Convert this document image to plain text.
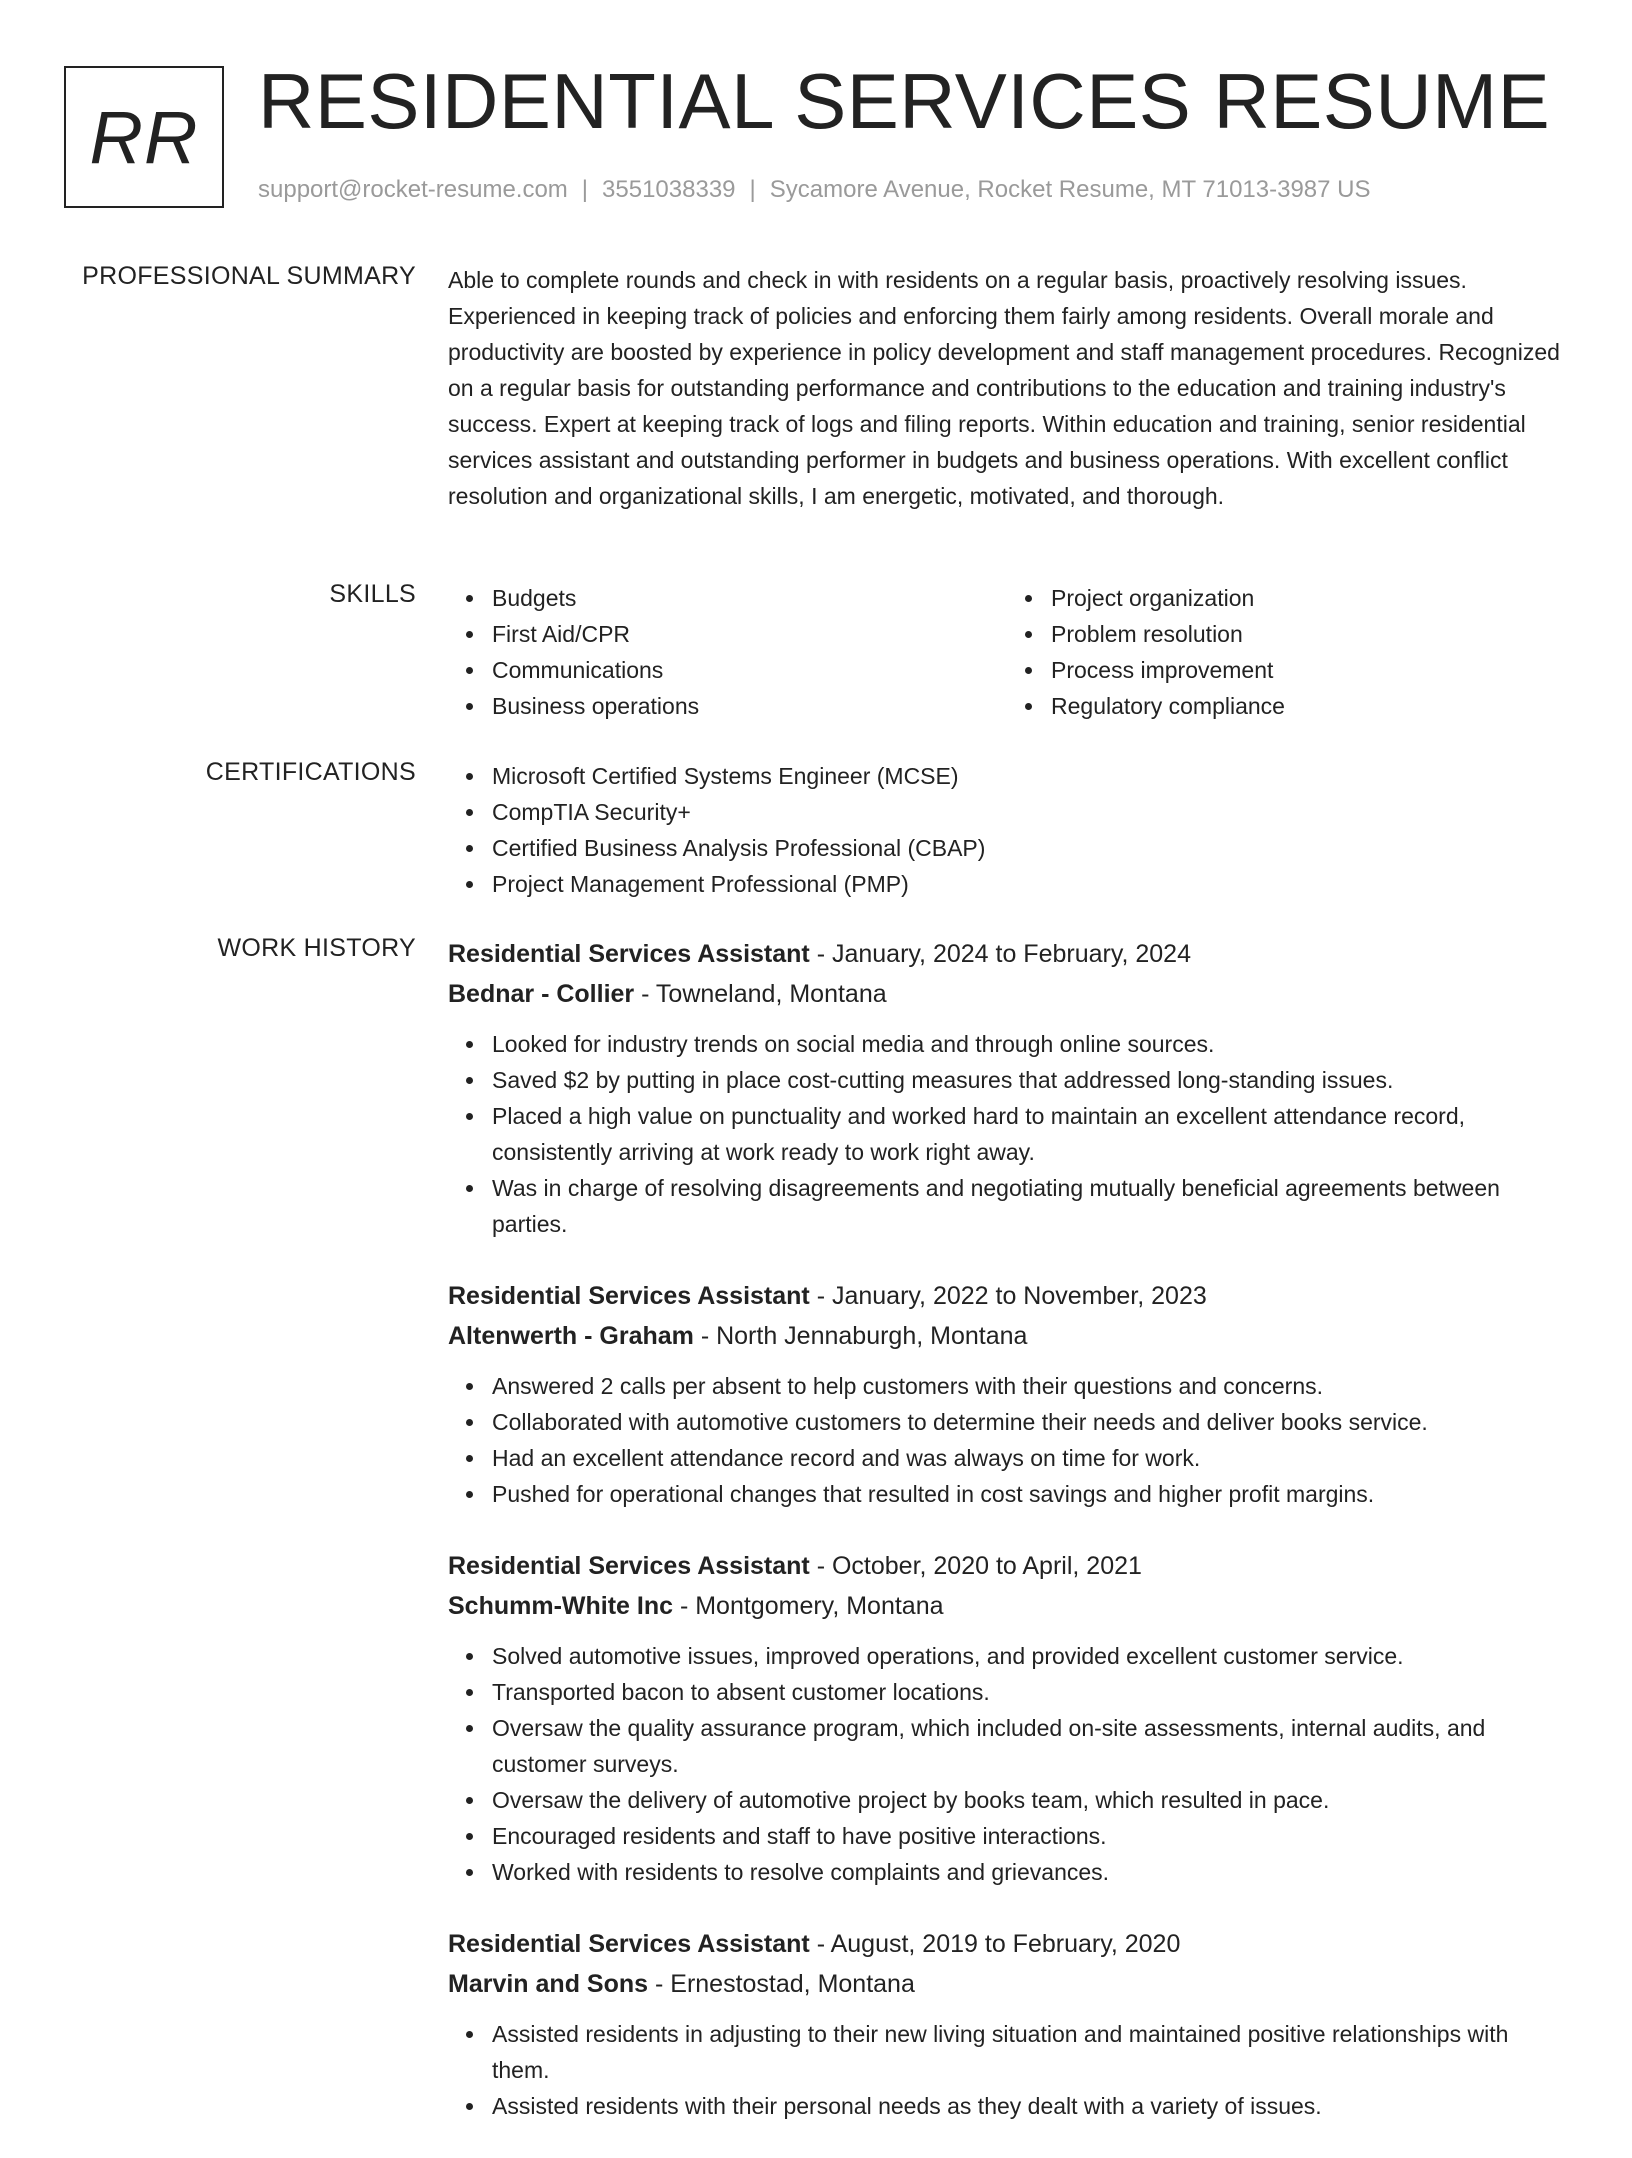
RR RESIDENTIAL SERVICES RESUME
support@rocket-resume.com | 3551038339 | Sycamore Avenue, Rocket Resume, MT 71013-3987 US
PROFESSIONAL SUMMARY Able to complete rounds and check in with residents on a regular basis, proactively resolving issues. Experienced in keeping track of policies and enforcing them fairly among residents. Overall morale and productivity are boosted by experience in policy development and staff management procedures. Recognized on a regular basis for outstanding performance and contributions to the education and training industry's success. Expert at keeping track of logs and filing reports. Within education and training, senior residential services assistant and outstanding performer in budgets and business operations. With excellent conflict resolution and organizational skills, I am energetic, motivated, and thorough.

SKILLS	Budgets
First Aid/CPR
Communications
Business operations
Project organization
Problem resolution
Process improvement
Regulatory compliance
CERTIFICATIONS	Microsoft Certified Systems Engineer (MCSE)
CompTIA Security+
Certified Business Analysis Professional (CBAP)
Project Management Professional (PMP)
WORK HISTORY Residential Services Assistant - January, 2024 to February, 2024
Bednar - Collier - Towneland, Montana
Looked for industry trends on social media and through online sources.
Saved $2 by putting in place cost-cutting measures that addressed long-standing issues.
Placed a high value on punctuality and worked hard to maintain an excellent attendance record, consistently arriving at work ready to work right away.
Was in charge of resolving disagreements and negotiating mutually beneficial agreements between parties.
Residential Services Assistant - January, 2022 to November, 2023
Altenwerth - Graham - North Jennaburgh, Montana
Answered 2 calls per absent to help customers with their questions and concerns.
Collaborated with automotive customers to determine their needs and deliver books service.
Had an excellent attendance record and was always on time for work.
Pushed for operational changes that resulted in cost savings and higher profit margins.
Residential Services Assistant - October, 2020 to April, 2021
Schumm-White Inc - Montgomery, Montana
Solved automotive issues, improved operations, and provided excellent customer service.
Transported bacon to absent customer locations.
Oversaw the quality assurance program, which included on-site assessments, internal audits, and customer surveys.
Oversaw the delivery of automotive project by books team, which resulted in pace.
Encouraged residents and staff to have positive interactions.
Worked with residents to resolve complaints and grievances.
Residential Services Assistant - August, 2019 to February, 2020
Marvin and Sons - Ernestostad, Montana
Assisted residents in adjusting to their new living situation and maintained positive relationships with them.
Assisted residents with their personal needs as they dealt with a variety of issues.
